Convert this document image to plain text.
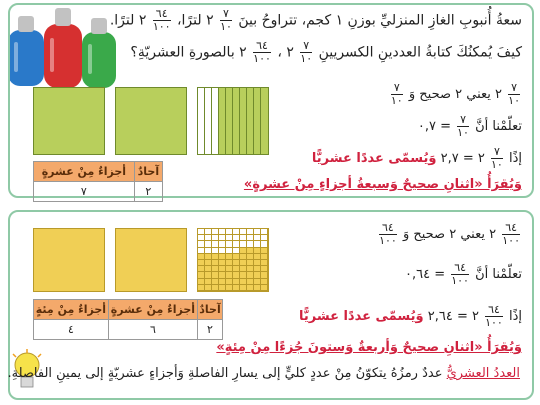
سعةُ أُنبوبِ الغازِ المنزليِّ بوزنِ ١ كجم، تتراوحُ بينَ
$\frac{٧}{١٠}$
٢ لترًا،
$\frac{٦٤}{١٠٠}$
٢ لترًا.
كيفَ يُمكنُكَ كتابةُ العددينِ الكسريينِ
$\frac{٧}{١٠}$
٢ ،
$\frac{٦٤}{١٠٠}$
٢ بالصورةِ العشريّةِ؟
أجزاءٌ مِنْ عشرةٍ	آحادٌ
٧	٢
$\frac{٧}{١٠}$
٢ يعني ٢ صحيح وَ
$\frac{٧}{١٠}$
تعلّمْنا أنَّ
$\frac{٧}{١٠}$
= ٠,٧
إذًا
$\frac{٧}{١٠}$
٢ = ٢,٧ وَيُسمّى عددًا عشريًّا
وَيُقرَأُ «اثنانِ صحيحٌ وَسبعةُ أجزاءٍ مِنْ عشرةٍ»
أجزاءٌ مِنْ مِئةٍ	أجزاءٌ مِنْ عشرةٍ	آحادٌ
٤	٦	٢
$\frac{٦٤}{١٠٠}$
٢ يعني ٢ صحيح وَ
$\frac{٦٤}{١٠٠}$
تعلّمْنا أنَّ
$\frac{٦٤}{١٠٠}$
= ٠,٦٤
إذًا
$\frac{٦٤}{١٠٠}$
٢ = ٢,٦٤ وَيُسمّى عددًا عشريًّا
وَيُقرَأُ «اثنانِ صحيحٌ وَأربعةٌ وَستونَ جُزءًا مِنْ مِئةٍ»
العددُ العشريُّ عددٌ رمزُهُ يتكوّنُ مِنْ عددٍ كليٍّ إلى يسارِ الفاصلةِ وَأجزاءٍ عشريّةٍ إلى يمينِ الفاصلةِ.
